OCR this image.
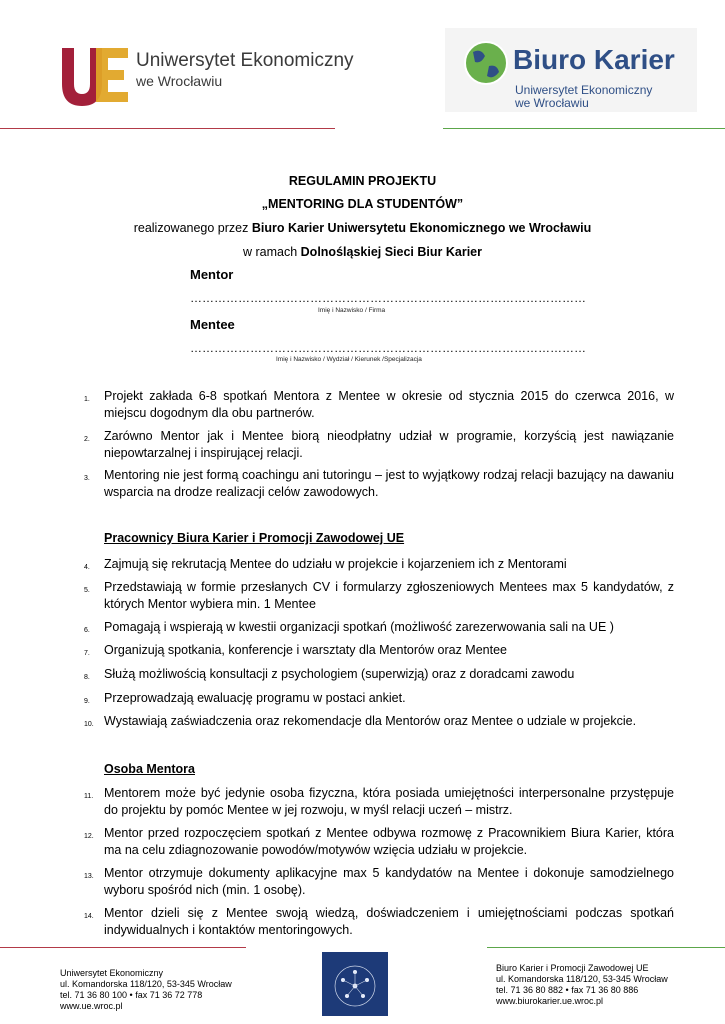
Uniwersytet Ekonomiczny
we Wrocławiu
Biuro Karier
Uniwersytet Ekonomiczny
we Wrocławiu
REGULAMIN PROJEKTU
„MENTORING DLA STUDENTÓW”
realizowanego przez Biuro Karier Uniwersytetu Ekonomicznego we Wrocławiu
w ramach Dolnośląskiej Sieci Biur Karier
Mentor
………………………………………………………………………………………
Imię i Nazwisko / Firma
Mentee
………………………………………………………………………………………
Imię i Nazwisko / Wydział / Kierunek /Specjalizacja
1. Projekt zakłada 6-8 spotkań Mentora z Mentee w okresie od stycznia 2015 do czerwca 2016, w miejscu dogodnym dla obu partnerów.
2. Zarówno Mentor jak i Mentee biorą nieodpłatny udział w programie, korzyścią jest nawiązanie niepowtarzalnej i inspirującej relacji.
3. Mentoring nie jest formą coachingu ani tutoringu – jest to wyjątkowy rodzaj relacji bazujący na dawaniu wsparcia na drodze realizacji celów zawodowych.
Pracownicy Biura Karier i Promocji Zawodowej UE
4. Zajmują się rekrutacją Mentee do udziału w projekcie i kojarzeniem ich z Mentorami
5. Przedstawiają w formie przesłanych CV i formularzy zgłoszeniowych Mentees max 5 kandydatów, z których Mentor wybiera min. 1 Mentee
6. Pomagają i wspierają w kwestii organizacji spotkań (możliwość zarezerwowania sali na UE )
7. Organizują spotkania, konferencje i warsztaty dla Mentorów oraz Mentee
8. Służą możliwością konsultacji z psychologiem (superwizją) oraz z doradcami zawodu
9. Przeprowadzają ewaluację programu w postaci ankiet.
10. Wystawiają zaświadczenia oraz rekomendacje dla Mentorów oraz Mentee o udziale w projekcie.
Osoba Mentora
11. Mentorem może być jedynie osoba fizyczna, która posiada umiejętności interpersonalne przystępuje do projektu by pomóc Mentee w jej rozwoju, w myśl relacji uczeń – mistrz.
12. Mentor przed rozpoczęciem spotkań z Mentee odbywa rozmowę z Pracownikiem Biura Karier, która ma na celu zdiagnozowanie powodów/motywów wzięcia udziału w projekcie.
13. Mentor otrzymuje dokumenty aplikacyjne max 5 kandydatów na Mentee i dokonuje samodzielnego wyboru spośród nich (min. 1 osobę).
14. Mentor dzieli się z Mentee swoją wiedzą, doświadczeniem i umiejętnościami podczas spotkań indywidualnych i kontaktów mentoringowych.
Uniwersytet Ekonomiczny
ul. Komandorska 118/120, 53-345 Wrocław
tel. 71 36 80 100 • fax 71 36 72 778
www.ue.wroc.pl
Biuro Karier i Promocji Zawodowej UE
ul. Komandorska 118/120, 53-345 Wrocław
tel. 71 36 80 882 • fax 71 36 80 886
www.biurokarier.ue.wroc.pl
